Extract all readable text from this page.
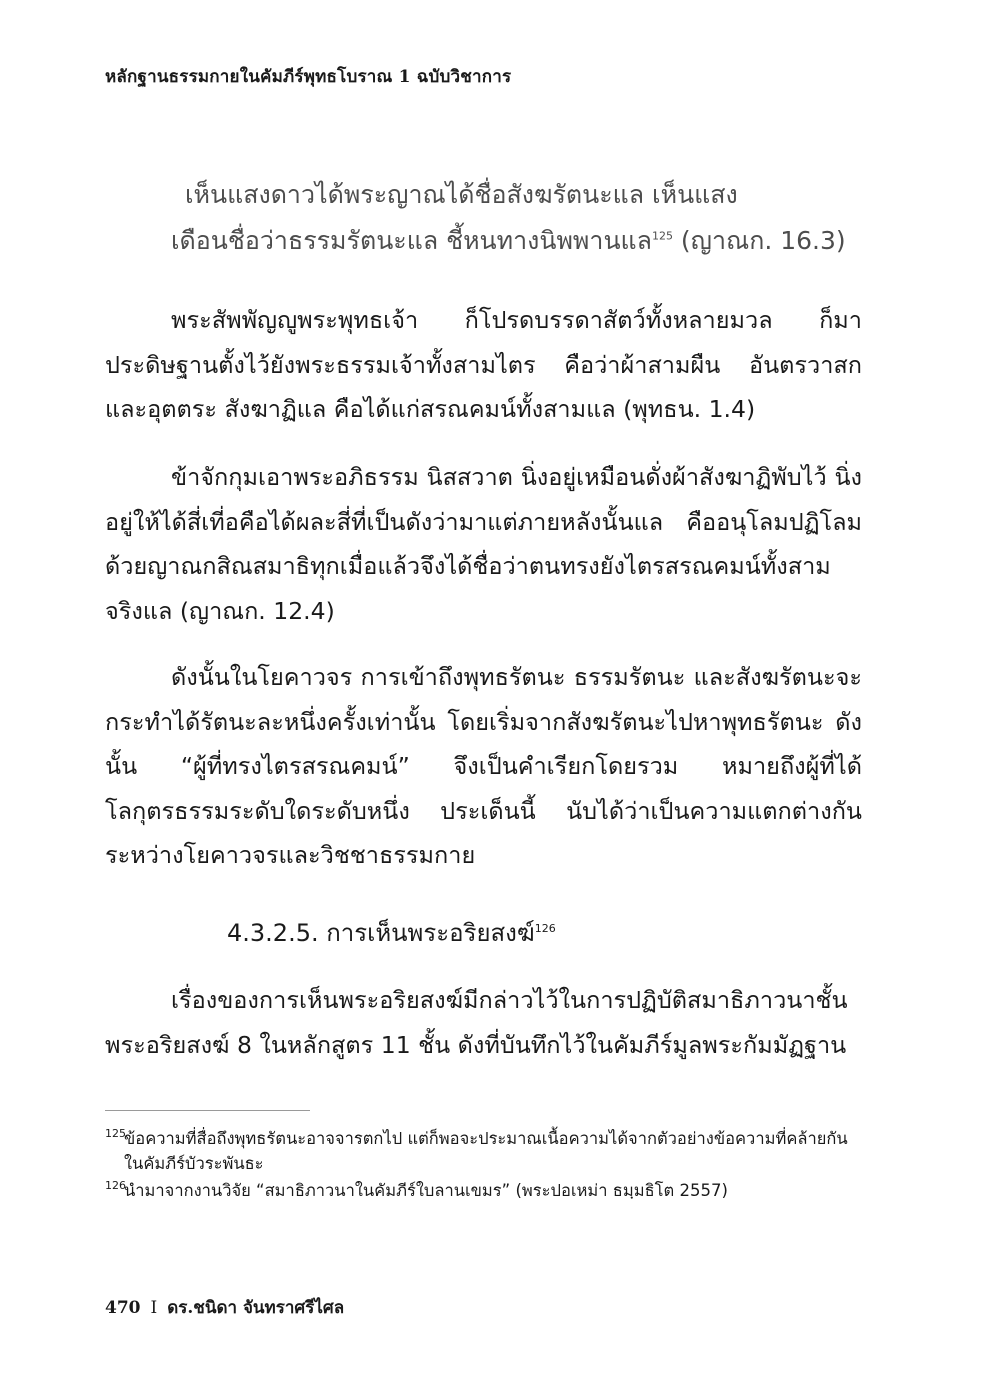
หลักฐานธรรมกายในคัมภีร์พุทธโบราณ 1 ฉบับวิชาการ
เห็นแสงดาวได้พระญาณได้ชื่อสังฆรัตนะแล เห็นแสง
เดือนชื่อว่าธรรมรัตนะแล ชี้หนทางนิพพานแล$^{125}$ (ญาณก. 16.3)

พระสัพพัญญูพระพุทธเจ้า ก็โปรดบรรดาสัตว์ทั้งหลายมวล ก็มาประดิษฐานตั้งไว้ยังพระธรรมเจ้าทั้งสามไตร คือว่าผ้าสามผืน อันตรวาสก และอุตตระ สังฆาฏิแล คือได้แก่สรณคมน์ทั้งสามแล (พุทธน. 1.4)

ข้าจักกุมเอาพระอภิธรรม นิสสวาต นิ่งอยู่เหมือนดั่งผ้าสังฆาฏิพับไว้ นิ่งอยู่ให้ได้สี่เที่อคือได้ผละสี่ที่เป็นดังว่ามาแต่ภายหลังนั้นแล คืออนุโลมปฏิโลมด้วยญาณกสิณสมาธิทุกเมื่อแล้วจึงได้ชื่อว่าตนทรงยังไตรสรณคมน์ทั้งสามจริงแล (ญาณก. 12.4)

ดังนั้นในโยคาวจร การเข้าถึงพุทธรัตนะ ธรรมรัตนะ และสังฆรัตนะจะกระทำได้รัตนะละหนึ่งครั้งเท่านั้น โดยเริ่มจากสังฆรัตนะไปหาพุทธรัตนะ ดังนั้น “ผู้ที่ทรงไตรสรณคมน์” จึงเป็นคำเรียกโดยรวม หมายถึงผู้ที่ได้โลกุตรธรรมระดับใดระดับหนึ่ง ประเด็นนี้ นับได้ว่าเป็นความแตกต่างกันระหว่างโยคาวจรและวิชชาธรรมกาย

4.3.2.5. การเห็นพระอริยสงฆ์$^{126}$

เรื่องของการเห็นพระอริยสงฆ์มีกล่าวไว้ในการปฏิบัติสมาธิภาวนาชั้นพระอริยสงฆ์ 8 ในหลักสูตร 11 ชั้น ดังที่บันทึกไว้ในคัมภีร์มูลพระกัมมัฏฐาน

125
ข้อความที่สื่อถึงพุทธรัตนะอาจจารตกไป แต่ก็พอจะประมาณเนื้อความได้จากตัวอย่างข้อความที่คล้ายกันในคัมภีร์บัวระพันธะ
126
นำมาจากงานวิจัย “สมาธิภาวนาในคัมภีร์ใบลานเขมร” (พระปอเหม่า ธมฺมธิโต 2557)
470 I ดร.ชนิดา จันทราศรีไศล
